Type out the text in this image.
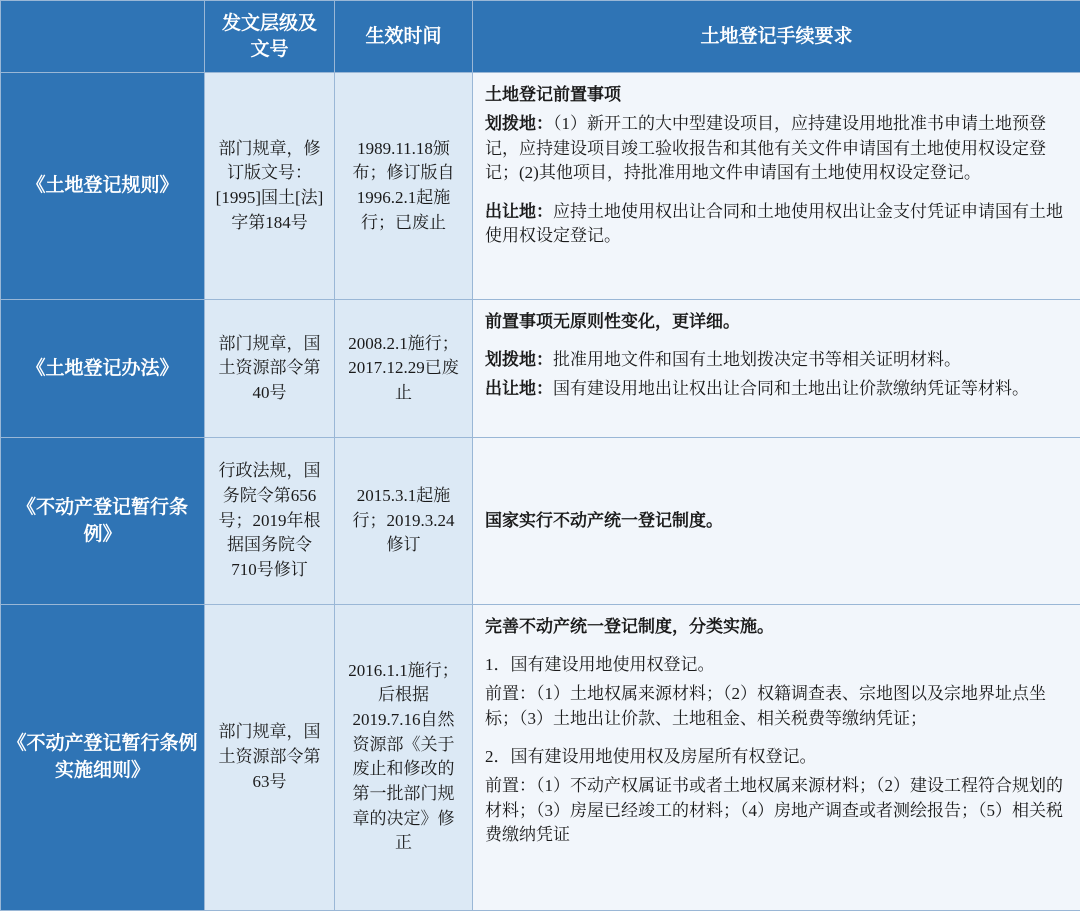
	发文层级及文号	生效时间	土地登记手续要求
《土地登记规则》	部门规章，修订版文号：[1995]国土[法]字第184号	1989.11.18颁布；修订版自1996.2.1起施行；已废止	土地登记前置事项

划拨地：（1）新开工的大中型建设项目，应持建设用地批准书申请土地预登记，应持建设项目竣工验收报告和其他有关文件申请国有土地使用权设定登记；(2)其他项目，持批准用地文件申请国有土地使用权设定登记。

出让地：应持土地使用权出让合同和土地使用权出让金支付凭证申请国有土地使用权设定登记。

《土地登记办法》	部门规章，国土资源部令第40号	2008.2.1施行；2017.12.29已废止	前置事项无原则性变化，更详细。

划拨地：批准用地文件和国有土地划拨决定书等相关证明材料。

出让地：国有建设用地出让权出让合同和土地出让价款缴纳凭证等材料。

《不动产登记暂行条例》	行政法规，国务院令第656号；2019年根据国务院令710号修订	2015.3.1起施行；2019.3.24修订	国家实行不动产统一登记制度。

《不动产登记暂行条例实施细则》	部门规章，国土资源部令第63号	2016.1.1施行；后根据2019.7.16自然资源部《关于废止和修改的第一批部门规章的决定》修正	完善不动产统一登记制度，分类实施。

1．国有建设用地使用权登记。

前置：（1）土地权属来源材料；（2）权籍调查表、宗地图以及宗地界址点坐标；（3）土地出让价款、土地租金、相关税费等缴纳凭证；

2．国有建设用地使用权及房屋所有权登记。

前置：（1）不动产权属证书或者土地权属来源材料；（2）建设工程符合规划的材料；（3）房屋已经竣工的材料；（4）房地产调查或者测绘报告；（5）相关税费缴纳凭证
